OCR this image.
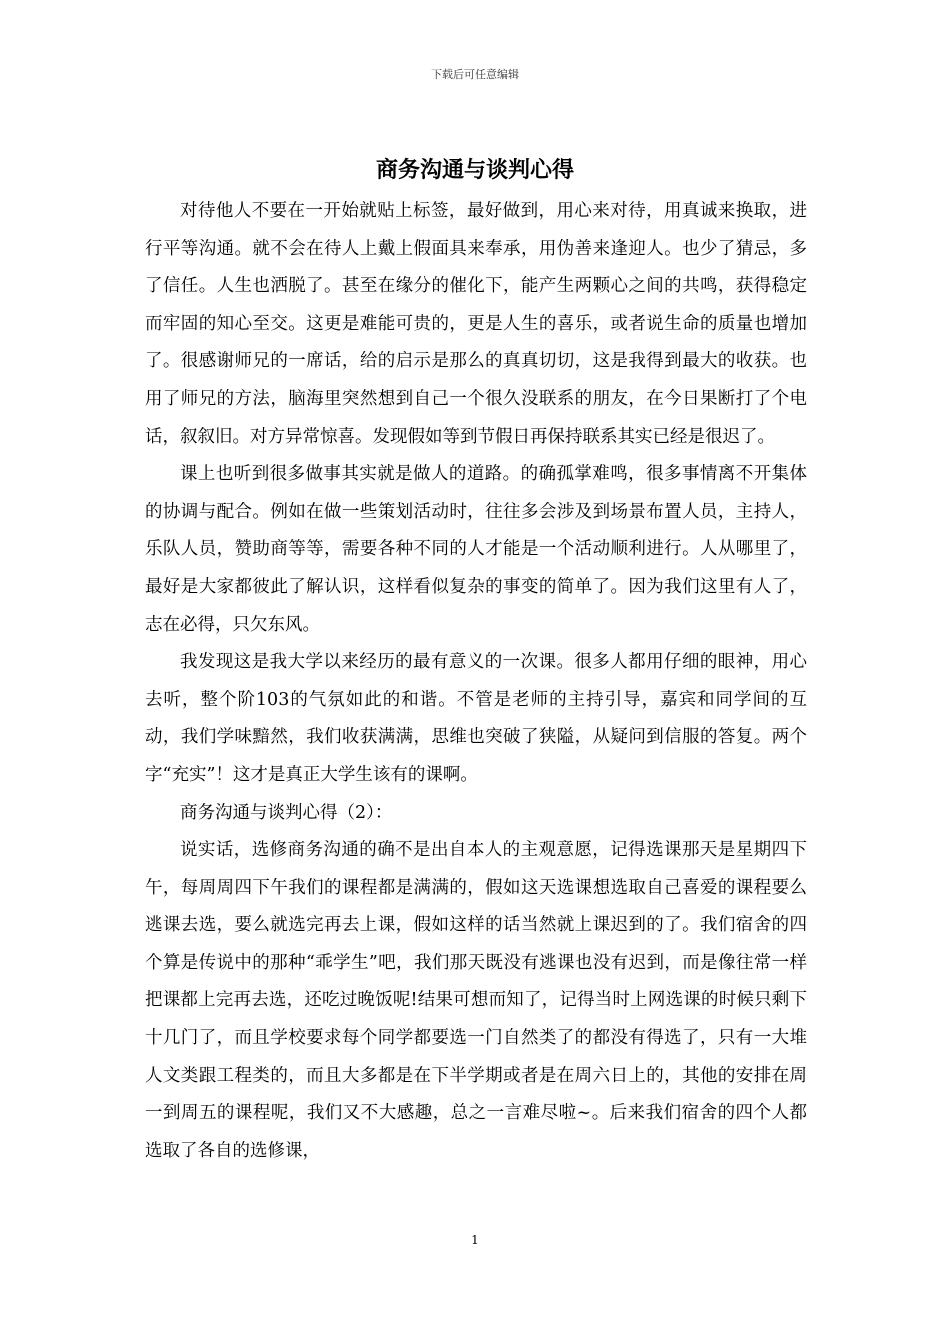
下载后可任意编辑
商务沟通与谈判心得

对待他人不要在一开始就贴上标签，最好做到，用心来对待，用真诚来换取，进行平等沟通。就不会在待人上戴上假面具来奉承，用伪善来逢迎人。也少了猜忌，多了信任。人生也洒脱了。甚至在缘分的催化下，能产生两颗心之间的共鸣，获得稳定而牢固的知心至交。这更是难能可贵的，更是人生的喜乐，或者说生命的质量也增加了。很感谢师兄的一席话，给的启示是那么的真真切切，这是我得到最大的收获。也用了师兄的方法，脑海里突然想到自己一个很久没联系的朋友，在今日果断打了个电话，叙叙旧。对方异常惊喜。发现假如等到节假日再保持联系其实已经是很迟了。

课上也听到很多做事其实就是做人的道路。的确孤掌难鸣，很多事情离不开集体的协调与配合。例如在做一些策划活动时，往往多会涉及到场景布置人员，主持人，乐队人员，赞助商等等，需要各种不同的人才能是一个活动顺利进行。人从哪里了，最好是大家都彼此了解认识，这样看似复杂的事变的简单了。因为我们这里有人了，志在必得，只欠东风。

我发现这是我大学以来经历的最有意义的一次课。很多人都用仔细的眼神，用心去听，整个阶103的气氛如此的和谐。不管是老师的主持引导，嘉宾和同学间的互动，我们学味黯然，我们收获满满，思维也突破了狭隘，从疑问到信服的答复。两个字“充实”！这才是真正大学生该有的课啊。

商务沟通与谈判心得（2）：

说实话，选修商务沟通的确不是出自本人的主观意愿，记得选课那天是星期四下午，每周周四下午我们的课程都是满满的，假如这天选课想选取自己喜爱的课程要么逃课去选，要么就选完再去上课，假如这样的话当然就上课迟到的了。我们宿舍的四个算是传说中的那种“乖学生”吧，我们那天既没有逃课也没有迟到，而是像往常一样把课都上完再去选，还吃过晚饭呢!结果可想而知了，记得当时上网选课的时候只剩下十几门了，而且学校要求每个同学都要选一门自然类了的都没有得选了，只有一大堆人文类跟工程类的，而且大多都是在下半学期或者是在周六日上的，其他的安排在周一到周五的课程呢，我们又不大感趣，总之一言难尽啦~。后来我们宿舍的四个人都选取了各自的选修课，

1
